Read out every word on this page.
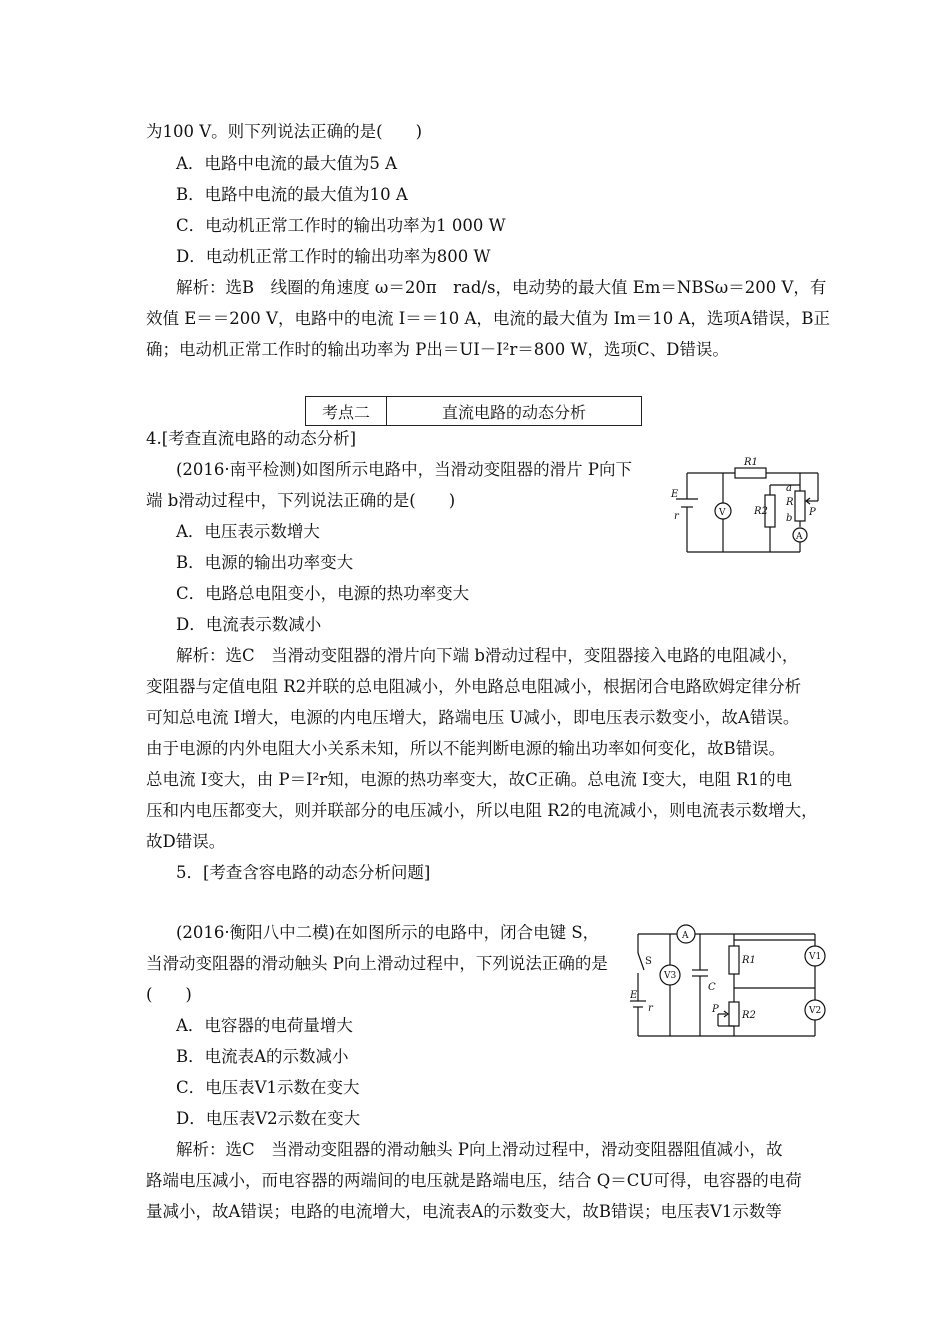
为100 V。则下列说法正确的是(　　)
A．电路中电流的最大值为5 A
B．电路中电流的最大值为10 A
C．电动机正常工作时的输出功率为1 000 W
D．电动机正常工作时的输出功率为800 W
解析：选B　线圈的角速度 ω＝20π　rad/s，电动势的最大值 Em＝NBSω＝200 V，有
效值 E＝＝200 V，电路中的电流 I＝＝10 A，电流的最大值为 Im＝10 A，选项A错误，B正
确；电动机正常工作时的输出功率为 P出＝UI－I²r＝800 W，选项C、D错误。
考点二	直流电路的动态分析
4.[考查直流电路的动态分析]
(2016·南平检测)如图所示电路中，当滑动变阻器的滑片 P向下
端 b滑动过程中，下列说法正确的是(　　)
A．电压表示数增大
B．电源的输出功率变大
C．电路总电阻变小，电源的热功率变大
D．电流表示数减小
解析：选C　当滑动变阻器的滑片向下端 b滑动过程中，变阻器接入电路的电阻减小，
变阻器与定值电阻 R2并联的总电阻减小，外电路总电阻减小，根据闭合电路欧姆定律分析
可知总电流 I增大，电源的内电压增大，路端电压 U减小，即电压表示数变小，故A错误。
由于电源的内外电阻大小关系未知，所以不能判断电源的输出功率如何变化，故B错误。
总电流 I变大，由 P＝I²r知，电源的热功率变大，故C正确。总电流 I变大，电阻 R1的电
压和内电压都变大，则并联部分的电压减小，所以电阻 R2的电流减小，则电流表示数增大，
故D错误。
R1
E
r	R2
R
a
b
P
V
A
5．[考查含容电路的动态分析问题]
(2016·衡阳八中二模)在如图所示的电路中，闭合电键 S，
当滑动变阻器的滑动触头 P向上滑动过程中，下列说法正确的是
(　　)
A．电容器的电荷量增大
B．电流表A的示数减小
C．电压表V1示数在变大
D．电压表V2示数在变大
解析：选C　当滑动变阻器的滑动触头 P向上滑动过程中，滑动变阻器阻值减小，故
路端电压减小，而电容器的两端间的电压就是路端电压，结合 Q＝CU可得，电容器的电荷
量减小，故A错误；电路的电流增大，电流表A的示数变大，故B错误；电压表V1示数等
A
V3
V1
V2
R1
R2
C
P
E
r
S
